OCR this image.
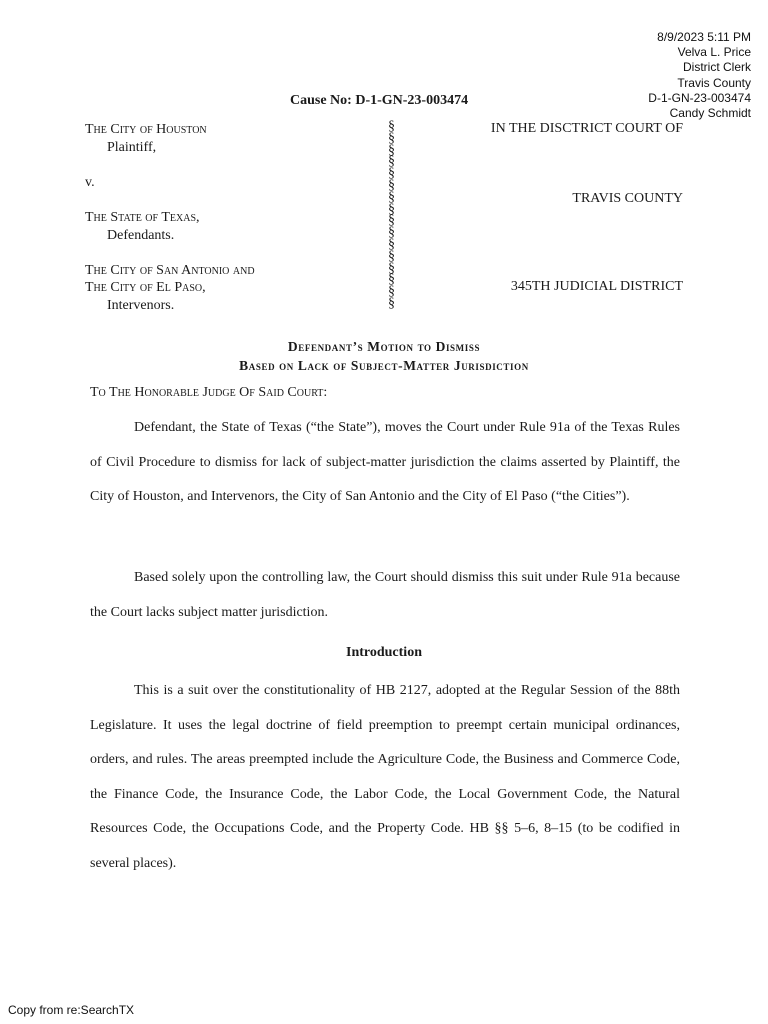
8/9/2023 5:11 PM
Velva L. Price
District Clerk
Travis County
D-1-GN-23-003474
Candy Schmidt
Cause No: D-1-GN-23-003474
The City of Houston
Plaintiff,
v.
The State of Texas,
Defendants.
The City of San Antonio and
The City of El Paso,
Intervenors.
§
§
§
§
§
§
§
§
§
§
§
§
§
§
§
§
IN THE DISCTRICT COURT OF
TRAVIS COUNTY
345TH JUDICIAL DISTRICT
Defendant’s Motion to Dismiss
Based on Lack of Subject-Matter Jurisdiction
To The Honorable Judge Of Said Court:

Defendant, the State of Texas (“the State”), moves the Court under Rule 91a of the Texas Rules of Civil Procedure to dismiss for lack of subject-matter jurisdiction the claims asserted by Plaintiff, the City of Houston, and Intervenors, the City of San Antonio and the City of El Paso (“the Cities”).

Based solely upon the controlling law, the Court should dismiss this suit under Rule 91a because the Court lacks subject matter jurisdiction.

Introduction

This is a suit over the constitutionality of HB 2127, adopted at the Regular Session of the 88th Legislature. It uses the legal doctrine of field preemption to preempt certain municipal ordinances, orders, and rules. The areas preempted include the Agriculture Code, the Business and Commerce Code, the Finance Code, the Insurance Code, the Labor Code, the Local Government Code, the Natural Resources Code, the Occupations Code, and the Property Code. HB §§ 5–6, 8–15 (to be codified in several places).

Copy from re:SearchTX
